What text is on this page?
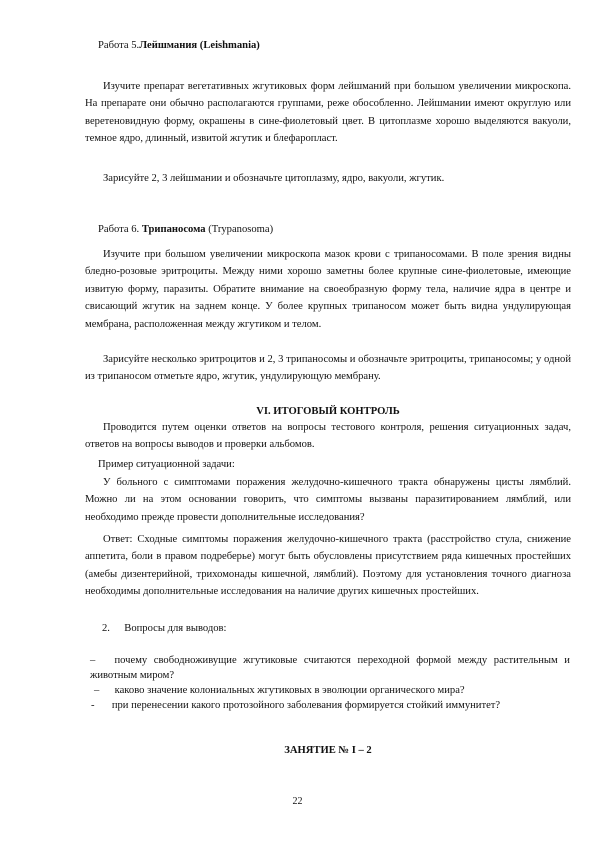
Работа 5.Лейшмания (Leishmania)

Изучите препарат вегетативных жгутиковых форм лейшманий при большом увеличении микроскопа. На препарате они обычно располагаются группами, реже обособленно. Лейшмании имеют округлую или веретеновидную форму, окрашены в сине-фиолетовый цвет. В цитоплазме хорошо выделяются вакуоли, темное ядро, длинный, извитой жгутик и блефаропласт.

Зарисуйте 2, 3 лейшмании и обозначьте цитоплазму, ядро, вакуоли, жгутик.

Работа 6. Трипаносома (Trypanosoma)

Изучите при большом увеличении микроскопа мазок крови с трипаносомами. В поле зрения видны бледно-розовые эритроциты. Между ними хорошо заметны более крупные сине-фиолетовые, имеющие извитую форму, паразиты. Обратите внимание на своеобразную форму тела, наличие ядра в центре и свисающий жгутик на заднем конце. У более крупных трипаносом может быть видна ундулирующая мембрана, расположенная между жгутиком и телом.

Зарисуйте несколько эритроцитов и 2, 3 трипаносомы и обозначьте эритроциты, трипаносомы; у одной из трипаносом отметьте ядро, жгутик, ундулирующую мембрану.

VI. ИТОГОВЫЙ КОНТРОЛЬ

Проводится путем оценки ответов на вопросы тестового контроля, решения ситуационных задач, ответов на вопросы выводов и проверки альбомов.

Пример ситуационной задачи:

У больного с симптомами поражения желудочно-кишечного тракта обнаружены цисты лямблий. Можно ли на этом основании говорить, что симптомы вызваны паразитированием лямблий, или необходимо прежде провести дополнительные исследования?

Ответ: Сходные симптомы поражения желудочно-кишечного тракта (расстройство стула, снижение аппетита, боли в правом подреберье) могут быть обусловлены присутствием ряда кишечных простейших (амебы дизентерийной, трихомонады кишечной, лямблий). Поэтому для установления точного диагноза необходимы дополнительные исследования на наличие других кишечных простейших.

2. Вопросы для выводов:
– почему свободноживущие жгутиковые считаются переходной формой между растительным и животным миром?
– каково значение колониальных жгутиковых в эволюции органического мира?
- при перенесении какого протозойного заболевания формируется стойкий иммунитет?
ЗАНЯТИЕ № I – 2
22
